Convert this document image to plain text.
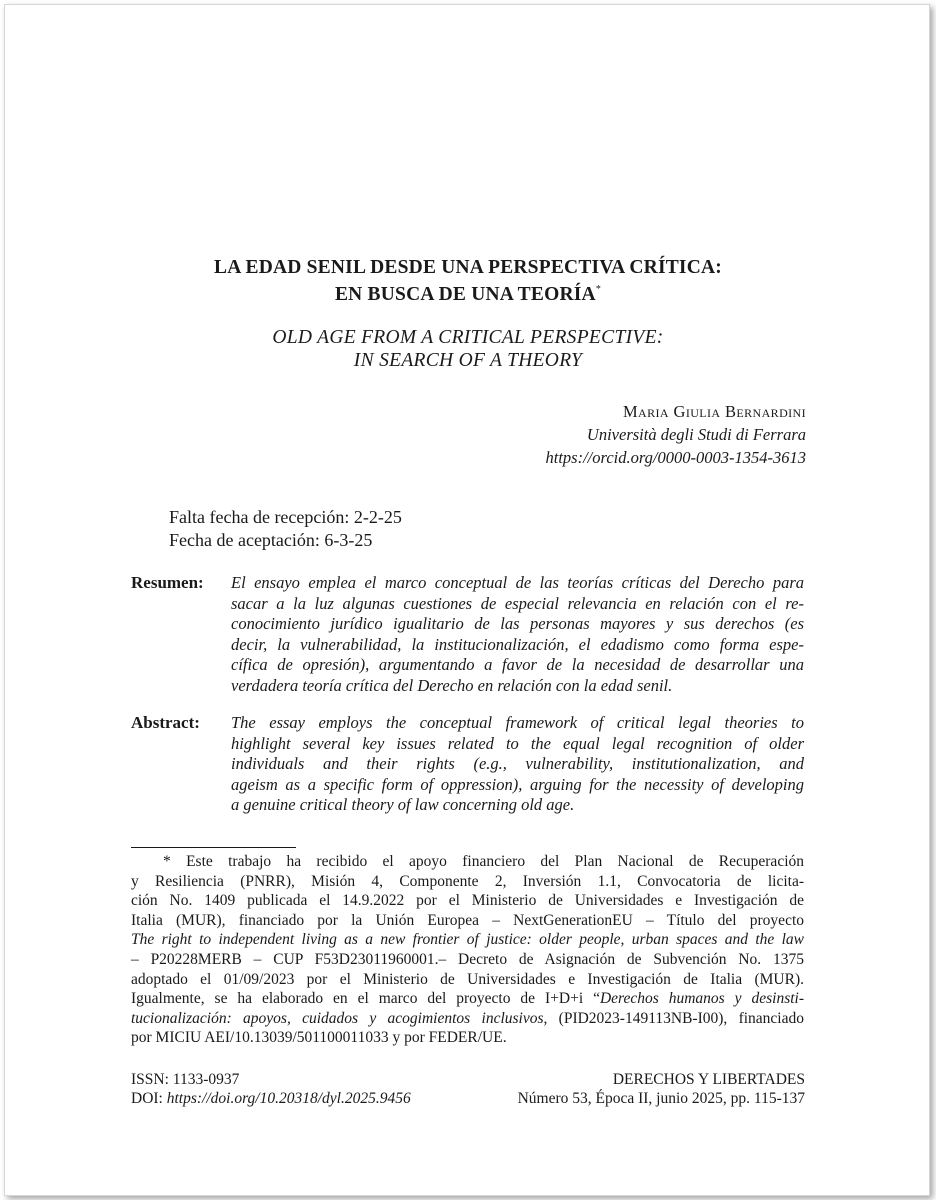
LA EDAD SENIL DESDE UNA PERSPECTIVA CRÍTICA:
EN BUSCA DE UNA TEORÍA*
OLD AGE FROM A CRITICAL PERSPECTIVE:
IN SEARCH OF A THEORY
Maria Giulia Bernardini
Università degli Studi di Ferrara
https://orcid.org/0000-0003-1354-3613
Falta fecha de recepción: 2-2-25
Fecha de aceptación: 6-3-25
Resumen: El ensayo emplea el marco conceptual de las teorías críticas del Derecho para
sacar a la luz algunas cuestiones de especial relevancia en relación con el re-
conocimiento jurídico igualitario de las personas mayores y sus derechos (es
decir, la vulnerabilidad, la institucionalización, el edadismo como forma espe-
cífica de opresión), argumentando a favor de la necesidad de desarrollar una
verdadera teoría crítica del Derecho en relación con la edad senil.
Abstract: The essay employs the conceptual framework of critical legal theories to
highlight several key issues related to the equal legal recognition of older
individuals and their rights (e.g., vulnerability, institutionalization, and
ageism as a specific form of oppression), arguing for the necessity of developing
a genuine critical theory of law concerning old age.
* Este trabajo ha recibido el apoyo financiero del Plan Nacional de Recuperación
y Resiliencia (PNRR), Misión 4, Componente 2, Inversión 1.1, Convocatoria de licita-
ción No. 1409 publicada el 14.9.2022 por el Ministerio de Universidades e Investigación de
Italia (MUR), financiado por la Unión Europea – NextGenerationEU – Título del proyecto
The right to independent living as a new frontier of justice: older people, urban spaces and the law
– P20228MERB – CUP F53D23011960001.– Decreto de Asignación de Subvención No. 1375
adoptado el 01/09/2023 por el Ministerio de Universidades e Investigación de Italia (MUR).
Igualmente, se ha elaborado en el marco del proyecto de I+D+i “Derechos humanos y desinsti-
tucionalización: apoyos, cuidados y acogimientos inclusivos, (PID2023-149113NB-I00), financiado
por MICIU AEI/10.13039/501100011033 y por FEDER/UE.
ISSN: 1133-0937
DOI: https://doi.org/10.20318/dyl.2025.9456
DERECHOS Y LIBERTADES
Número 53, Época II, junio 2025, pp. 115-137
